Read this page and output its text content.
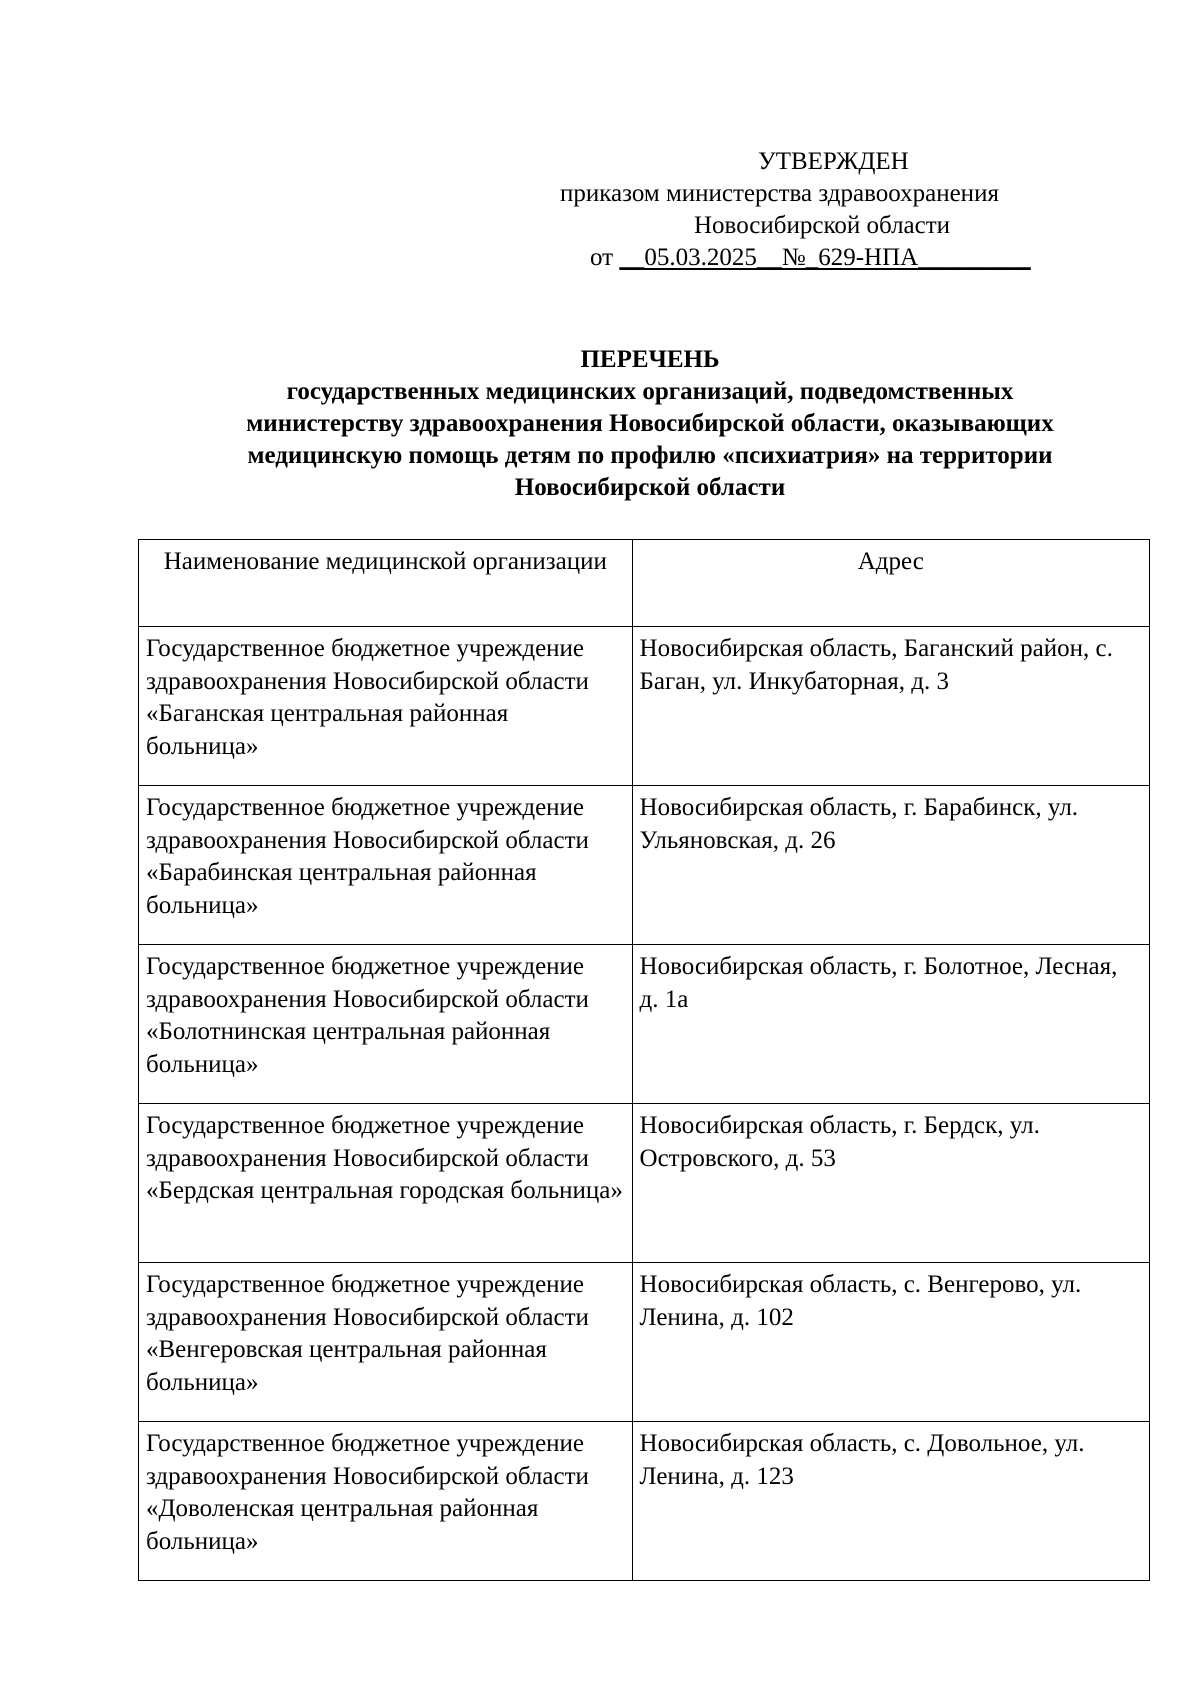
УТВЕРЖДЕН
приказом министерства здравоохранения
Новосибирской области
от __05.03.2025__№_629-НПА_________
ПЕРЕЧЕНЬ
государственных медицинских организаций, подведомственных
министерству здравоохранения Новосибирской области, оказывающих
медицинскую помощь детям по профилю «психиатрия» на территории
Новосибирской области
Наименование медицинской организации	Адрес
Государственное бюджетное учреждение здравоохранения Новосибирской области «Баганская центральная районная больница»	Новосибирская область, Баганский район, с. Баган, ул. Инкубаторная, д. 3
Государственное бюджетное учреждение здравоохранения Новосибирской области «Барабинская центральная районная больница»	Новосибирская область, г. Барабинск, ул. Ульяновская, д. 26
Государственное бюджетное учреждение здравоохранения Новосибирской области «Болотнинская центральная районная больница»	Новосибирская область, г. Болотное, Лесная, д. 1а
Государственное бюджетное учреждение здравоохранения Новосибирской области «Бердская центральная городская больница»	Новосибирская область, г. Бердск, ул. Островского, д. 53
Государственное бюджетное учреждение здравоохранения Новосибирской области «Венгеровская центральная районная больница»	Новосибирская область, с. Венгерово, ул. Ленина, д. 102
Государственное бюджетное учреждение здравоохранения Новосибирской области «Доволенская центральная районная больница»	Новосибирская область, с. Довольное, ул. Ленина, д. 123
